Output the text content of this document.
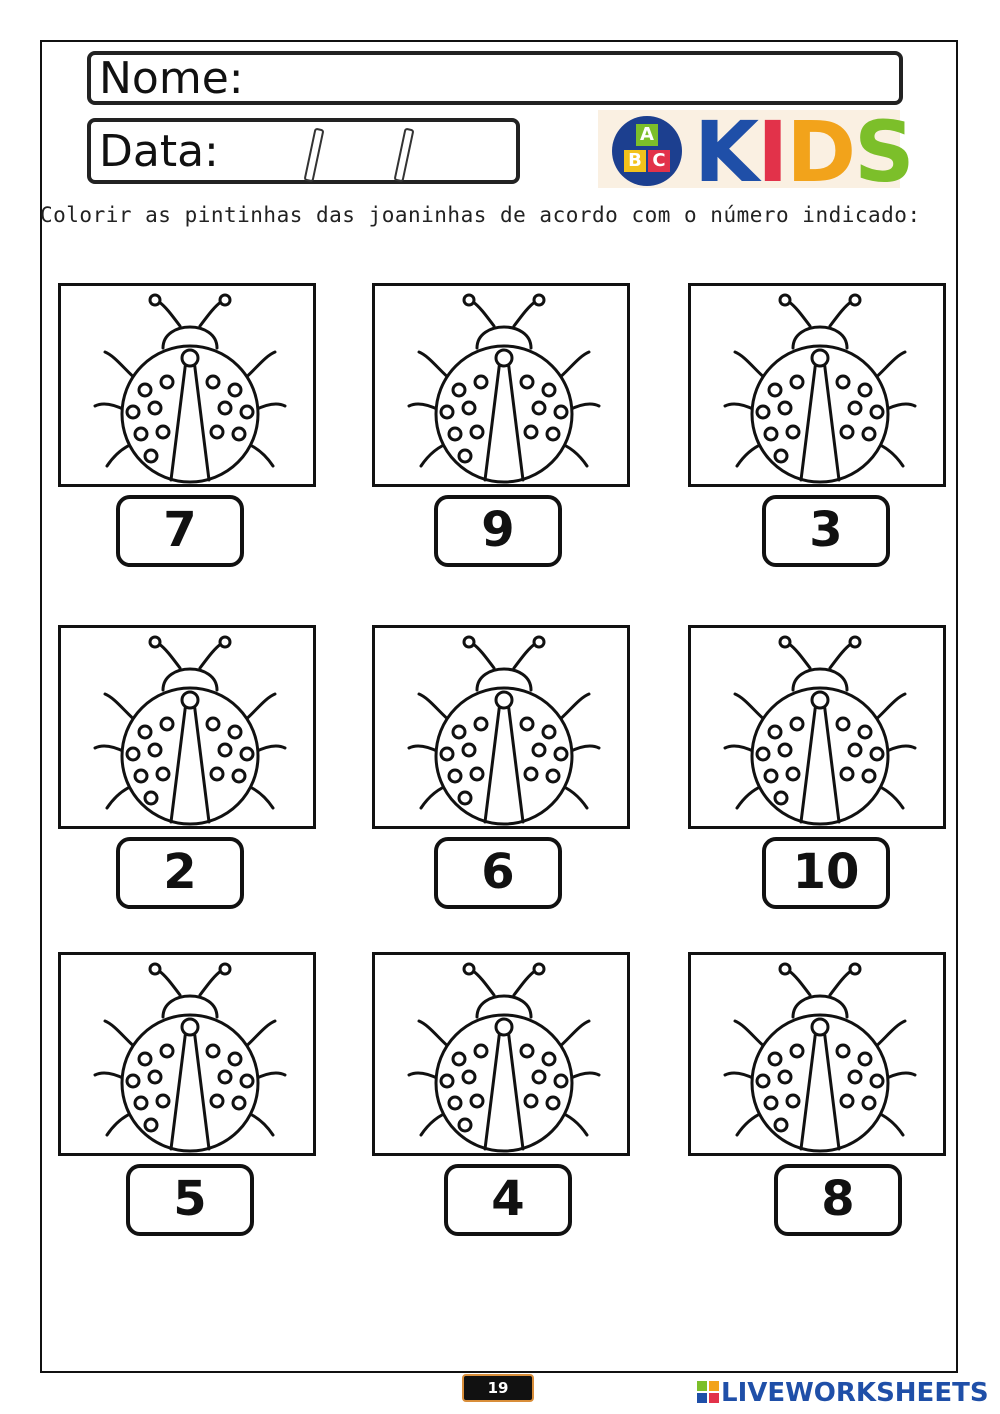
Nome:
Data:	A
B C KIDS
Colorir as pintinhas das joaninhas de acordo com o número indicado:
7	9	3
2	6	10
5	4	8
19	LIVEWORKSHEETS
